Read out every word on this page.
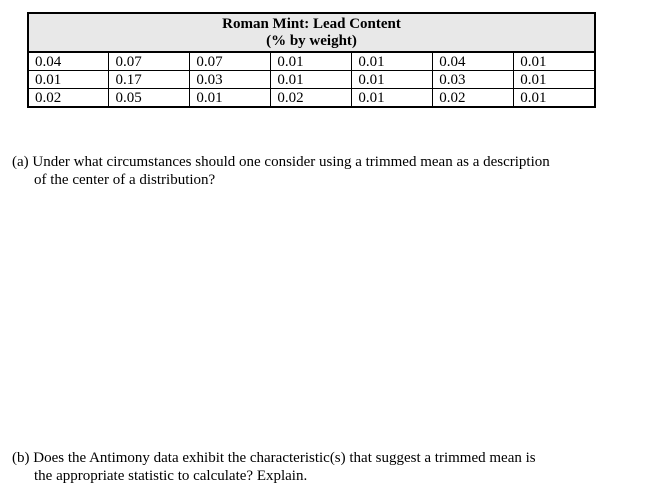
Roman Mint: Lead Content
(% by weight)						

0.04	0.07	0.07	0.01	0.01	0.04	0.01
0.01	0.17	0.03	0.01	0.01	0.03	0.01
0.02	0.05	0.01	0.02	0.01	0.02	0.01
(a) Under what circumstances should one consider using a trimmed mean as a description
of the center of a distribution?
(b) Does the Antimony data exhibit the characteristic(s) that suggest a trimmed mean is
the appropriate statistic to calculate? Explain.
